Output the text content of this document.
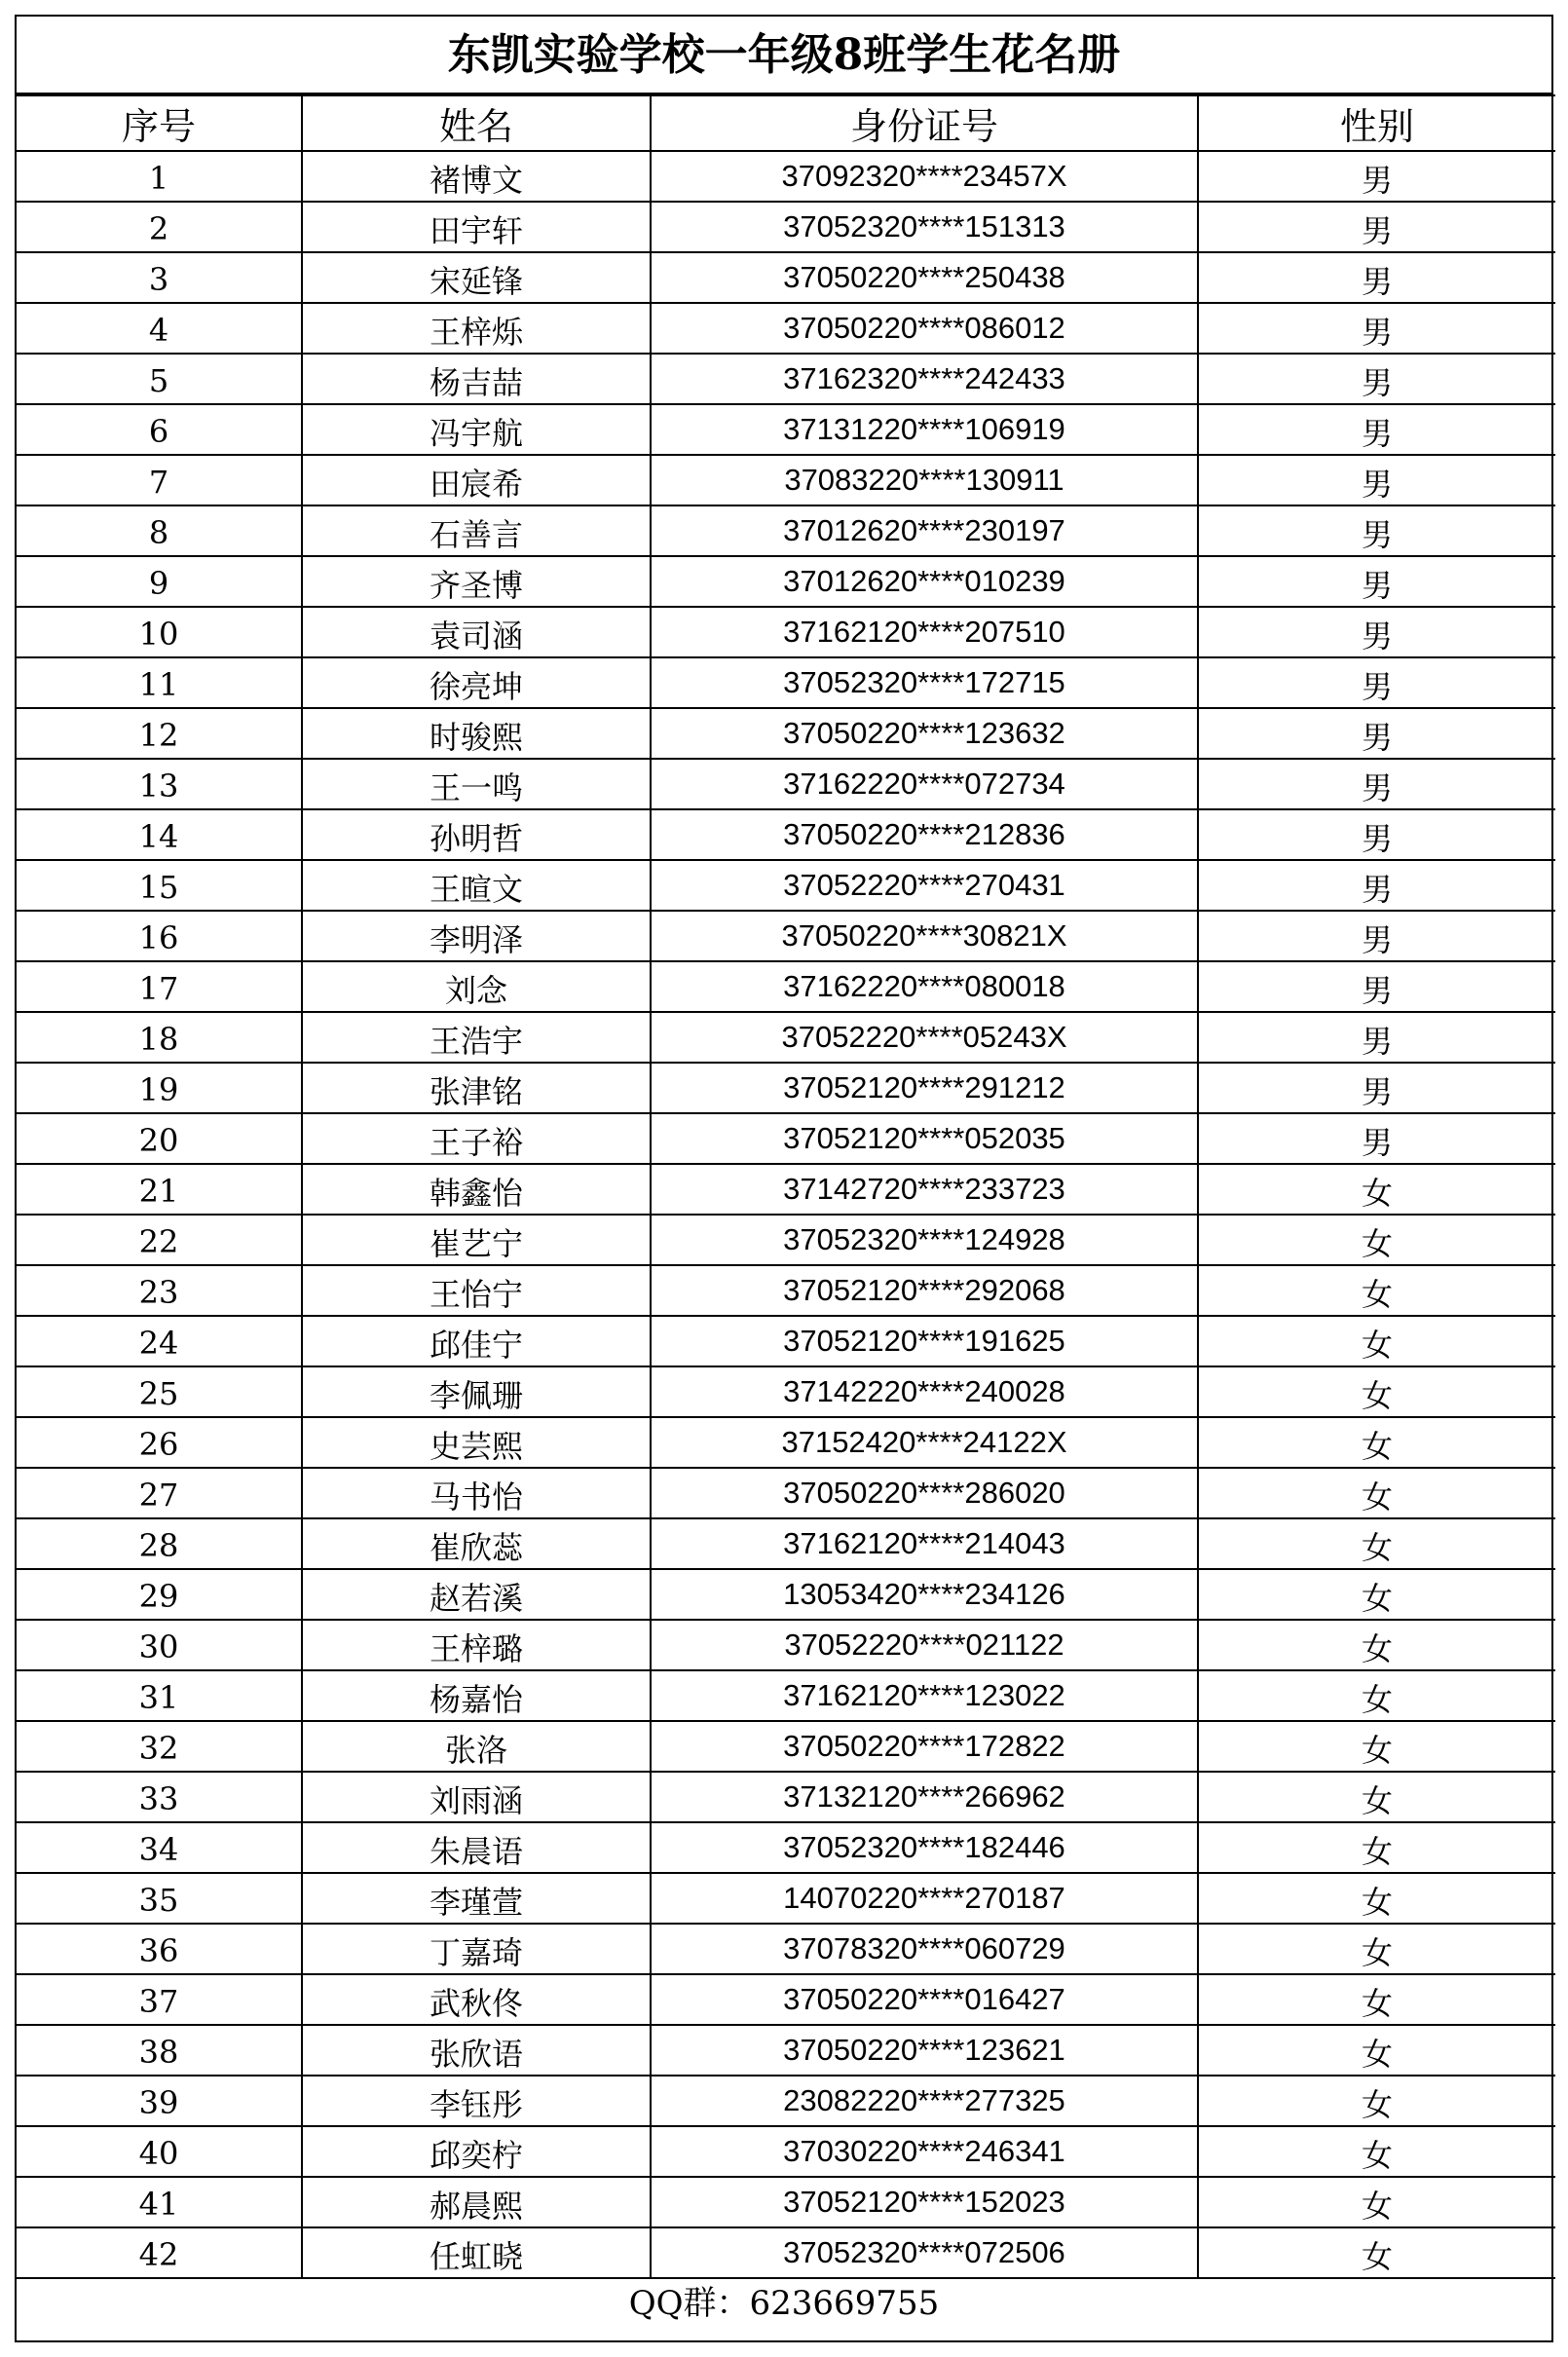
东凯实验学校一年级8班学生花名册
序号	姓名	身份证号	性别
1	褚博文	37092320****23457X	男
2	田宇轩	37052320****151313	男
3	宋延锋	37050220****250438	男
4	王梓烁	37050220****086012	男
5	杨吉喆	37162320****242433	男
6	冯宇航	37131220****106919	男
7	田宸希	37083220****130911	男
8	石善言	37012620****230197	男
9	齐圣博	37012620****010239	男
10	袁司涵	37162120****207510	男
11	徐亮坤	37052320****172715	男
12	时骏熙	37050220****123632	男
13	王一鸣	37162220****072734	男
14	孙明哲	37050220****212836	男
15	王暄文	37052220****270431	男
16	李明泽	37050220****30821X	男
17	刘念	37162220****080018	男
18	王浩宇	37052220****05243X	男
19	张津铭	37052120****291212	男
20	王子裕	37052120****052035	男
21	韩鑫怡	37142720****233723	女
22	崔艺宁	37052320****124928	女
23	王怡宁	37052120****292068	女
24	邱佳宁	37052120****191625	女
25	李佩珊	37142220****240028	女
26	史芸熙	37152420****24122X	女
27	马书怡	37050220****286020	女
28	崔欣蕊	37162120****214043	女
29	赵若溪	13053420****234126	女
30	王梓璐	37052220****021122	女
31	杨嘉怡	37162120****123022	女
32	张洛	37050220****172822	女
33	刘雨涵	37132120****266962	女
34	朱晨语	37052320****182446	女
35	李瑾萱	14070220****270187	女
36	丁嘉琦	37078320****060729	女
37	武秋佟	37050220****016427	女
38	张欣语	37050220****123621	女
39	李钰彤	23082220****277325	女
40	邱奕柠	37030220****246341	女
41	郝晨熙	37052120****152023	女
42	任虹晓	37052320****072506	女
QQ群：623669755
